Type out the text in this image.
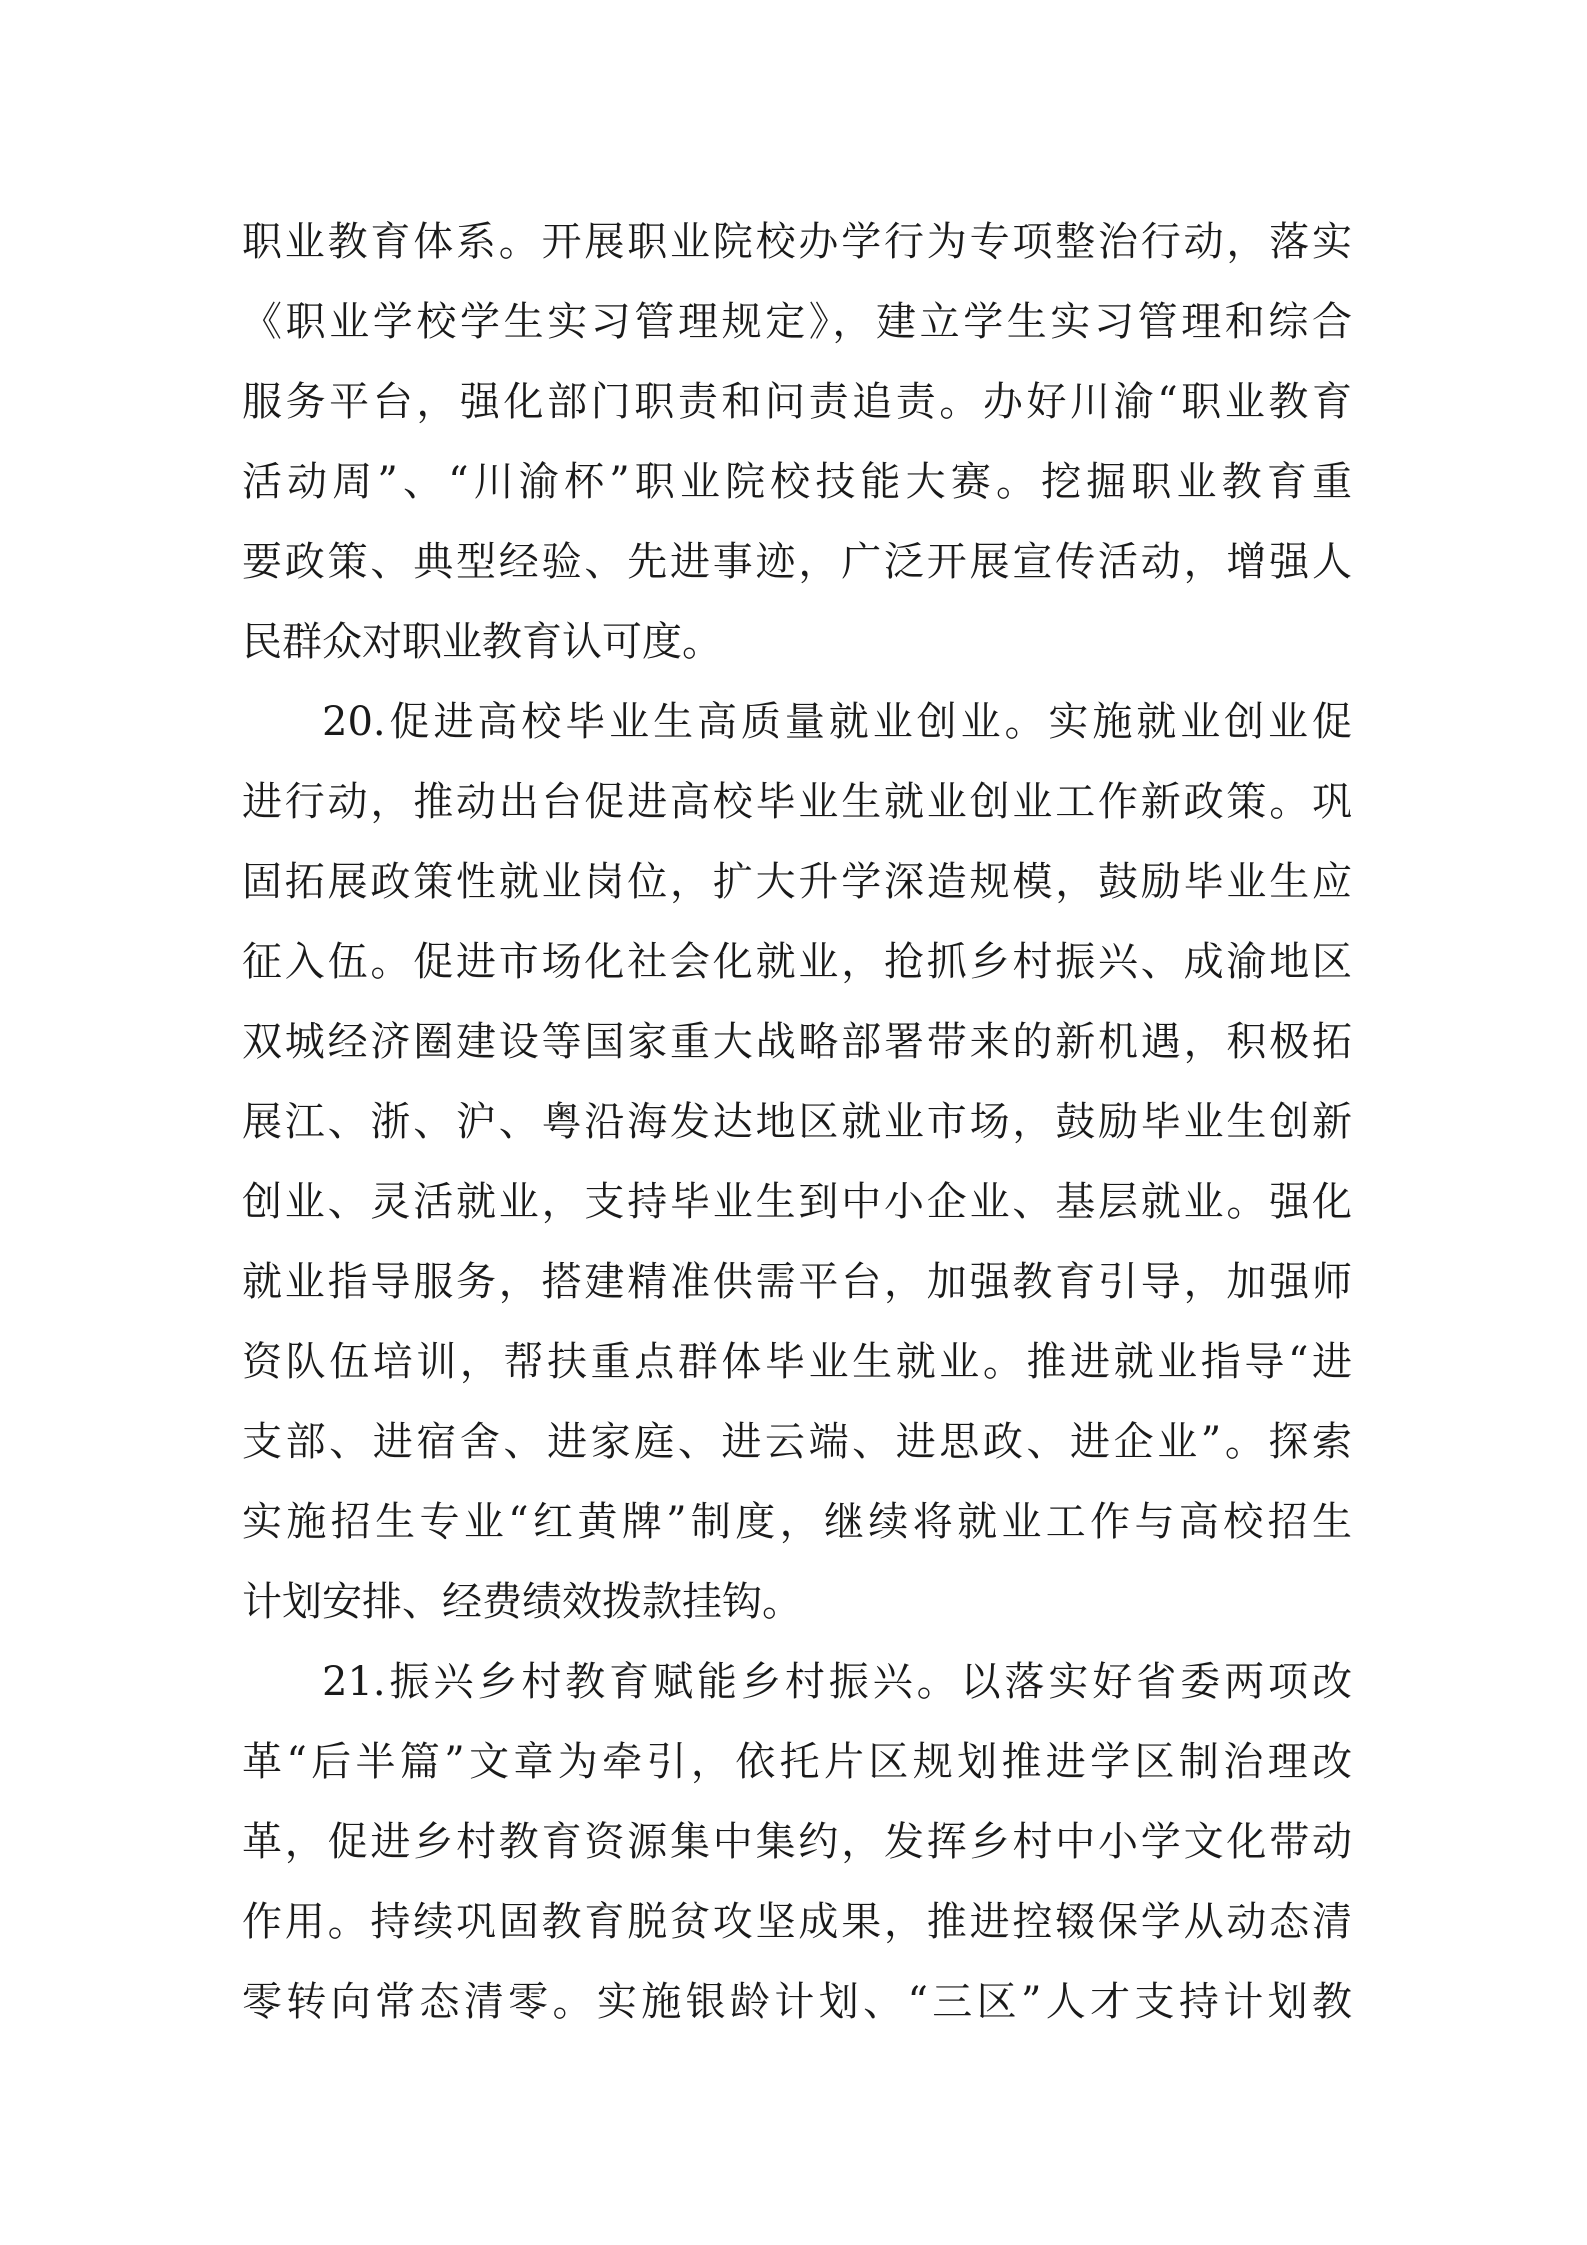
职业教育体系。开展职业院校办学行为专项整治行动，落实
《职业学校学生实习管理规定》，建立学生实习管理和综合
服务平台，强化部门职责和问责追责。办好川渝“职业教育
活动周”、“川渝杯”职业院校技能大赛。挖掘职业教育重
要政策、典型经验、先进事迹，广泛开展宣传活动，增强人
民群众对职业教育认可度。
20.促进高校毕业生高质量就业创业。实施就业创业促
进行动，推动出台促进高校毕业生就业创业工作新政策。巩
固拓展政策性就业岗位，扩大升学深造规模，鼓励毕业生应
征入伍。促进市场化社会化就业，抢抓乡村振兴、成渝地区
双城经济圈建设等国家重大战略部署带来的新机遇，积极拓
展江、浙、沪、粤沿海发达地区就业市场，鼓励毕业生创新
创业、灵活就业，支持毕业生到中小企业、基层就业。强化
就业指导服务，搭建精准供需平台，加强教育引导，加强师
资队伍培训，帮扶重点群体毕业生就业。推进就业指导“进
支部、进宿舍、进家庭、进云端、进思政、进企业”。探索
实施招生专业“红黄牌”制度，继续将就业工作与高校招生
计划安排、经费绩效拨款挂钩。
21.振兴乡村教育赋能乡村振兴。以落实好省委两项改
革“后半篇”文章为牵引，依托片区规划推进学区制治理改
革，促进乡村教育资源集中集约，发挥乡村中小学文化带动
作用。持续巩固教育脱贫攻坚成果，推进控辍保学从动态清
零转向常态清零。实施银龄计划、“三区”人才支持计划教
